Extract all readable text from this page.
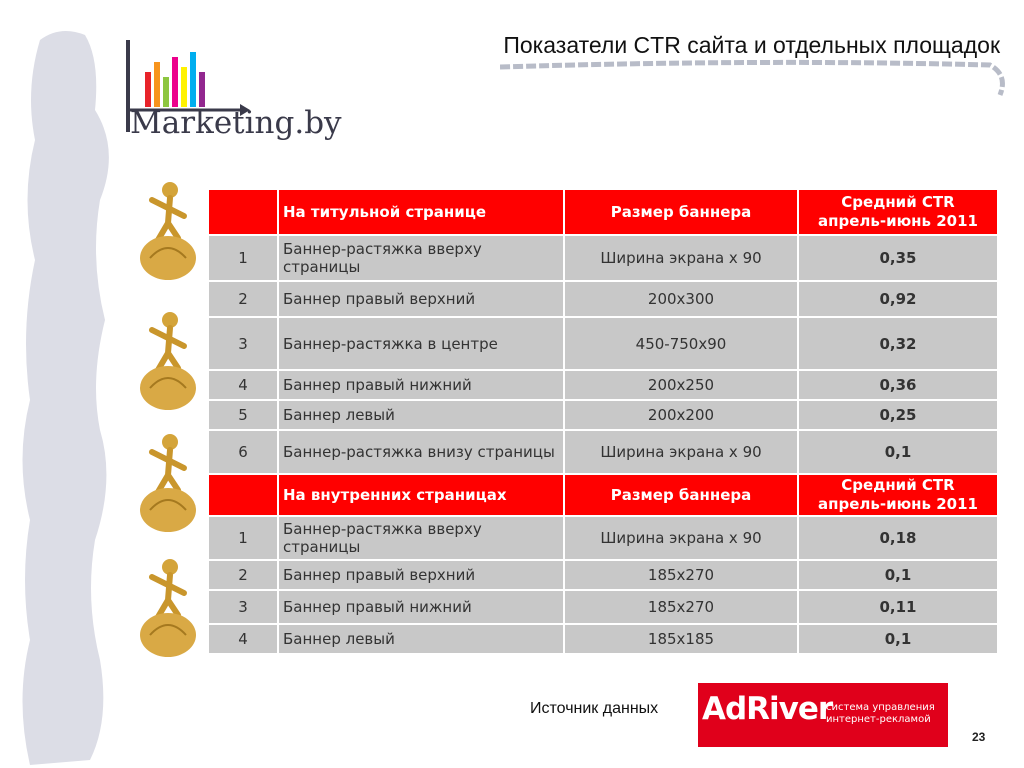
Marketing.by
Показатели CTR сайта и отдельных площадок
	На титульной странице	Размер баннера	Средний CTR
апрель-июнь 2011

1	Баннер-растяжка вверху страницы	Ширина экрана х 90	0,35
2	Баннер правый верхний	200х300	0,92
3	Баннер-растяжка в центре	450-750х90	0,32
4	Баннер правый нижний	200х250	0,36
5	Баннер левый	200х200	0,25
6	Баннер-растяжка внизу страницы	Ширина экрана х 90	0,1
	На внутренних страницах	Размер баннера	Средний CTR
апрель-июнь 2011

1	Баннер-растяжка вверху страницы	Ширина экрана х 90	0,18
2	Баннер правый верхний	185х270	0,1
3	Баннер правый нижний	185х270	0,11
4	Баннер левый	185х185	0,1
Источник данных AdRiver
система управления
интернет-рекламой
23
